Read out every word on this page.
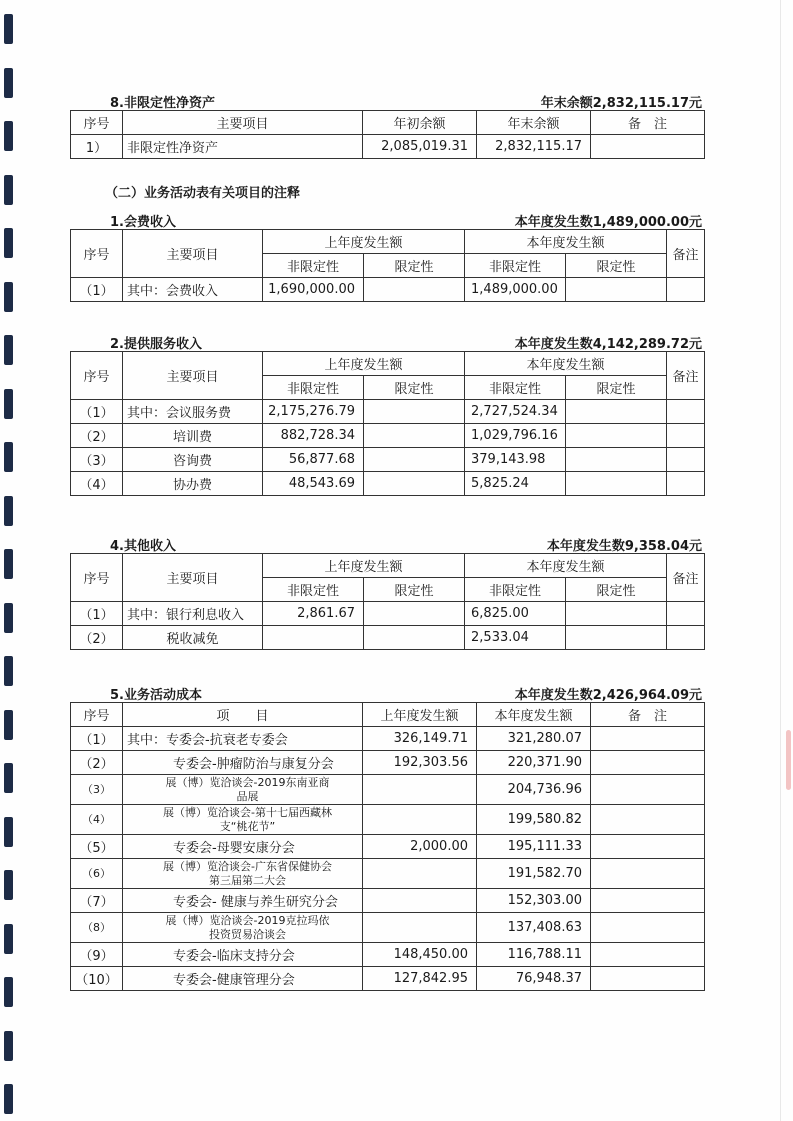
8.非限定性净资产	年末余额2,832,115.17元
序号	主要项目	年初余额	年末余额	备　注
1）	非限定性净资产	2,085,019.31	2,832,115.17	
（二）业务活动表有关项目的注释
1.会费收入	本年度发生数1,489,000.00元
序号	主要项目	上年度发生额		本年度发生额		备注
		非限定性	限定性	非限定性	限定性	
（1）	其中：会费收入	1,690,000.00		1,489,000.00		
2.提供服务收入	本年度发生数4,142,289.72元
序号	主要项目	上年度发生额		本年度发生额		备注
		非限定性	限定性	非限定性	限定性	
（1）	其中：会议服务费	2,175,276.79		2,727,524.34		
（2）	培训费	882,728.34		1,029,796.16		
（3）	咨询费	56,877.68		379,143.98		
（4）	协办费	48,543.69		5,825.24		
4.其他收入	本年度发生数9,358.04元
序号	主要项目	上年度发生额		本年度发生额		备注
		非限定性	限定性	非限定性	限定性	
（1）	其中：银行利息收入	2,861.67		6,825.00		
（2）	税收减免			2,533.04		
5.业务活动成本	本年度发生数2,426,964.09元
序号	项　　目	上年度发生额	本年度发生额	备　注
（1）	其中：专委会-抗衰老专委会	326,149.71	321,280.07	
（2）	专委会-肿瘤防治与康复分会	192,303.56	220,371.90	
（3）	展（博）览洽谈会-2019东南亚商品展		204,736.96	
（4）	展（博）览洽谈会-第十七届西藏林支“桃花节”		199,580.82	
（5）	专委会-母婴安康分会	2,000.00	195,111.33	
（6）	展（博）览洽谈会-广东省保健协会第三届第二大会		191,582.70	
（7）	专委会- 健康与养生研究分会		152,303.00	
（8）	展（博）览洽谈会-2019克拉玛依投资贸易洽谈会		137,408.63	
（9）	专委会-临床支持分会	148,450.00	116,788.11	
（10）	专委会-健康管理分会	127,842.95	76,948.37	
